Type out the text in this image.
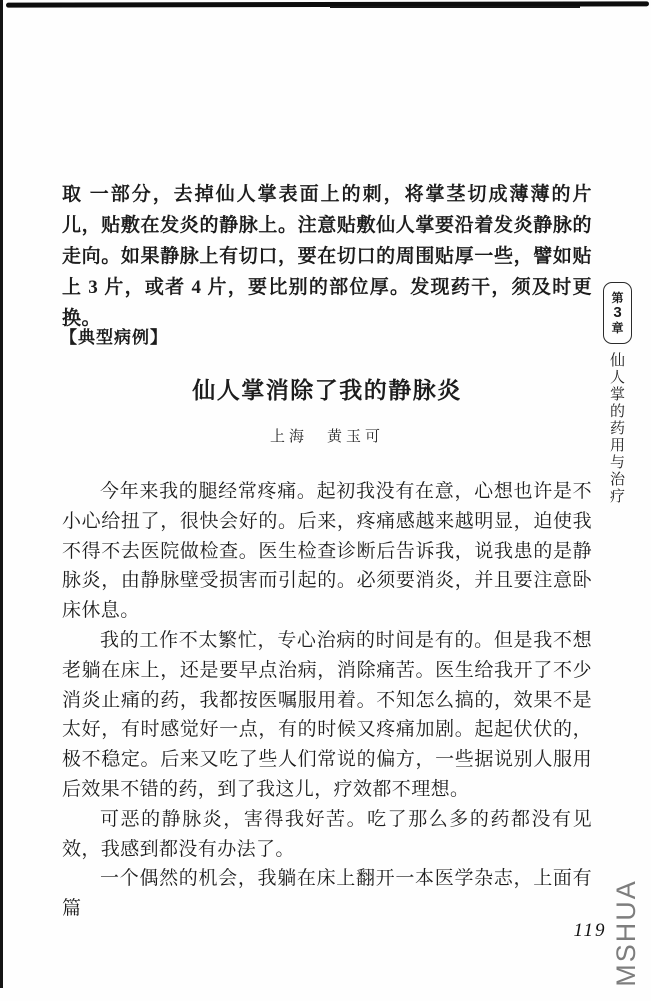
取 一部分，去掉仙人掌表面上的刺，将掌茎切成薄薄的片儿，贴敷在发炎的静脉上。注意贴敷仙人掌要沿着发炎静脉的走向。如果静脉上有切口，要在切口的周围贴厚一些，譬如贴上 3 片，或者 4 片，要比别的部位厚。发现药干，须及时更换。
【典型病例】
仙人掌消除了我的静脉炎
上海　黄玉可

今年来我的腿经常疼痛。起初我没有在意，心想也许是不小心给扭了，很快会好的。后来，疼痛感越来越明显，迫使我不得不去医院做检查。医生检查诊断后告诉我，说我患的是静脉炎，由静脉壁受损害而引起的。必须要消炎，并且要注意卧床休息。

我的工作不太繁忙，专心治病的时间是有的。但是我不想老躺在床上，还是要早点治病，消除痛苦。医生给我开了不少消炎止痛的药，我都按医嘱服用着。不知怎么搞的，效果不是太好，有时感觉好一点，有的时候又疼痛加剧。起起伏伏的，极不稳定。后来又吃了些人们常说的偏方，一些据说别人服用后效果不错的药，到了我这儿，疗效都不理想。

可恶的静脉炎，害得我好苦。吃了那么多的药都没有见效，我感到都没有办法了。

一个偶然的机会，我躺在床上翻开一本医学杂志，上面有篇

第
3
章
仙人掌的药用与治疗
119 MSHUA
